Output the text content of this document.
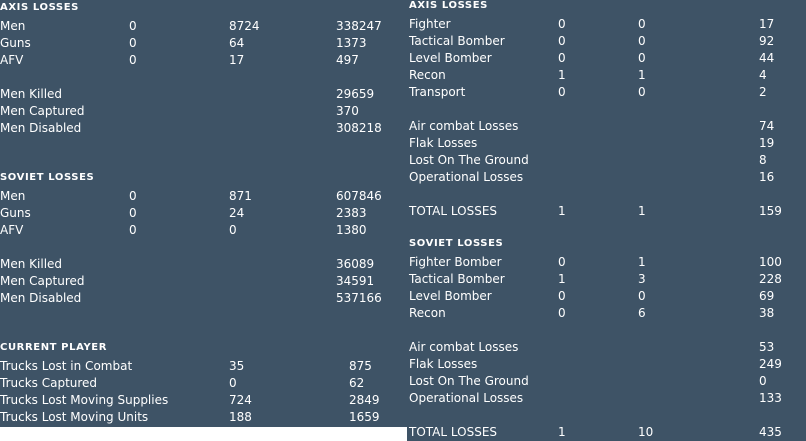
AXIS LOSSES
SOVIET LOSSES
CURRENT PLAYER
Men	0	8724	338247
Guns	0	64	1373
AFV	0	17	497
Men Killed	29659
Men Captured	370
Men Disabled	308218
Men	0	871	607846
Guns	0	24	2383
AFV	0	0	1380
Men Killed	36089
Men Captured	34591
Men Disabled	537166
Trucks Lost in Combat	35	875
Trucks Captured	0	62
Trucks Lost Moving Supplies	724	2849
Trucks Lost Moving Units	188	1659
AXIS LOSSES
SOVIET LOSSES
Fighter	0	0	17
Tactical Bomber	0	0	92
Level Bomber	0	0	44
Recon	1	1	4
Transport	0	0	2
Air combat Losses	74
Flak Losses	19
Lost On The Ground	8
Operational Losses	16
Fighter Bomber	0	1	100
Tactical Bomber	1	3	228
Level Bomber	0	0	69
Recon	0	6	38
Air combat Losses	53
Flak Losses	249
Lost On The Ground	0
Operational Losses	133
TOTAL LOSSES	1	1	159
TOTAL LOSSES	1	10	435
